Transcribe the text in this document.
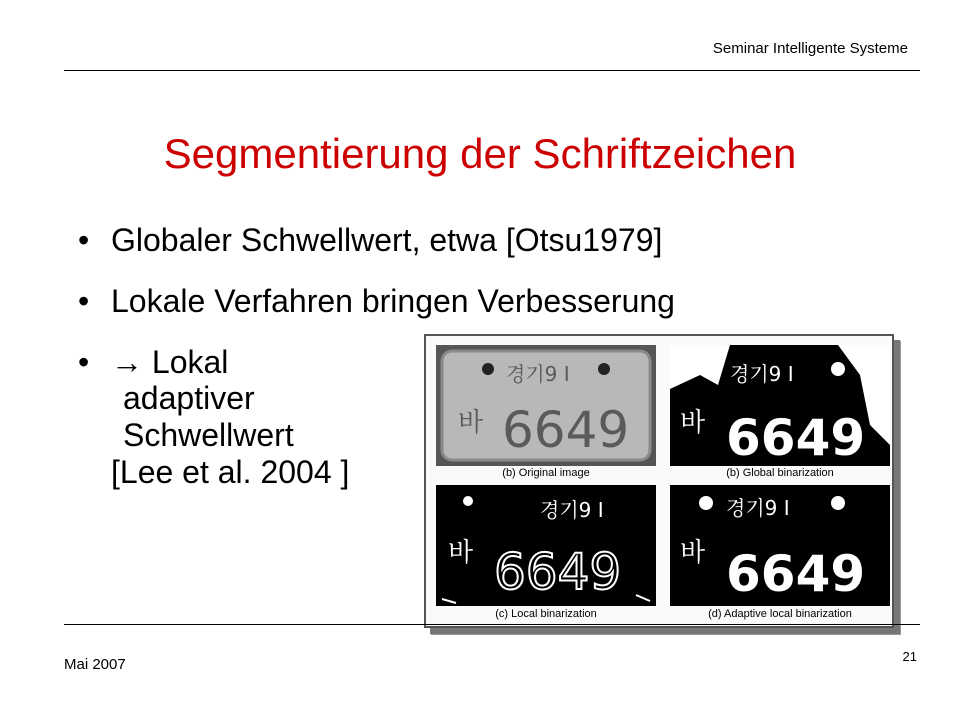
Seminar Intelligente Systeme
Segmentierung der Schriftzeichen
• Globaler Schwellwert, etwa [Otsu1979]
• Lokale Verfahren bringen Verbesserung
• → Lokal
adaptiver
Schwellwert
[Lee et al. 2004 ]
경기9 I
바 6649
(b) Original image
경기9 I
바 6649
(b) Global binarization
경기9 I
바 6649
(c) Local binarization
경기9 I
바 6649
(d) Adaptive local binarization
Mai 2007	21
